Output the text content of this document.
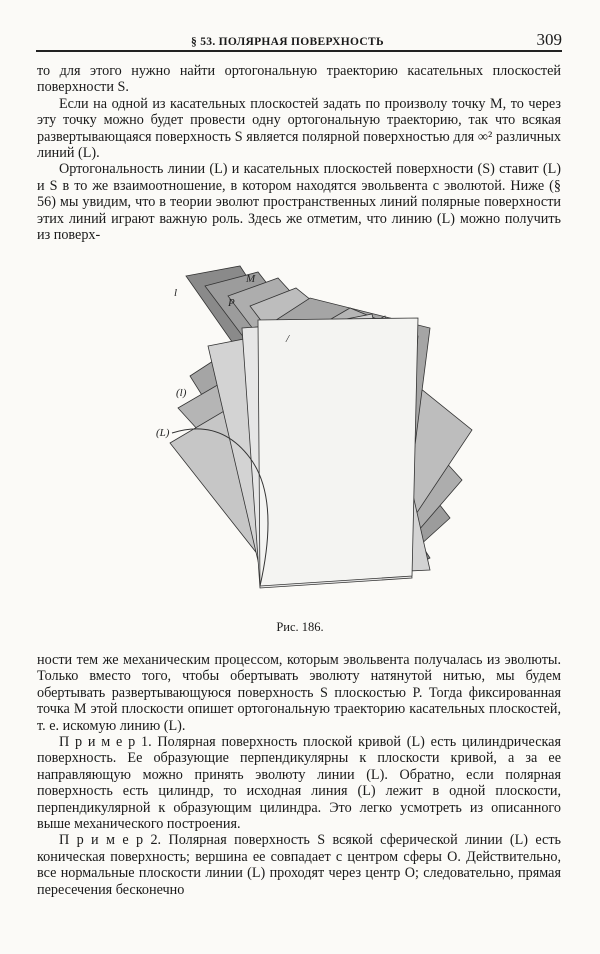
§ 53. ПОЛЯРНАЯ ПОВЕРХНОСТЬ	309

то для этого нужно найти ортогональную траекторию касательных плоскостей поверхности S.

Если на одной из касательных плоскостей задать по произволу точку M, то через эту точку можно будет провести одну ортогональную траекторию, так что всякая развертывающаяся поверхность S является полярной поверхностью для ∞² различных линий (L).

Ортогональность линии (L) и касательных плоскостей поверхности (S) ставит (L) и S в то же взаимоотношение, в котором находятся эвольвента с эволютой. Ниже (§ 56) мы увидим, что в теории эволют пространственных линий полярные поверхности этих линий играют важную роль. Здесь же отметим, что линию (L) можно получить из поверх-

l
M
P
(l)
(L)
/
Рис. 186.

ности тем же механическим процессом, которым эвольвента получалась из эволюты. Только вместо того, чтобы обертывать эволюту натянутой нитью, мы будем обертывать развертывающуюся поверхность S плоскостью P. Тогда фиксированная точка M этой плоскости опишет ортогональную траекторию касательных плоскостей, т. е. искомую линию (L).

П р и м е р 1. Полярная поверхность плоской кривой (L) есть цилиндрическая поверхность. Ее образующие перпендикулярны к плоскости кривой, а за ее направляющую можно принять эволюту линии (L). Обратно, если полярная поверхность есть цилиндр, то исходная линия (L) лежит в одной плоскости, перпендикулярной к образующим цилиндра. Это легко усмотреть из описанного выше механического построения.

П р и м е р 2. Полярная поверхность S всякой сферической линии (L) есть коническая поверхность; вершина ее совпадает с центром сферы O. Действительно, все нормальные плоскости линии (L) проходят через центр O; следовательно, прямая пересечения бесконечно
